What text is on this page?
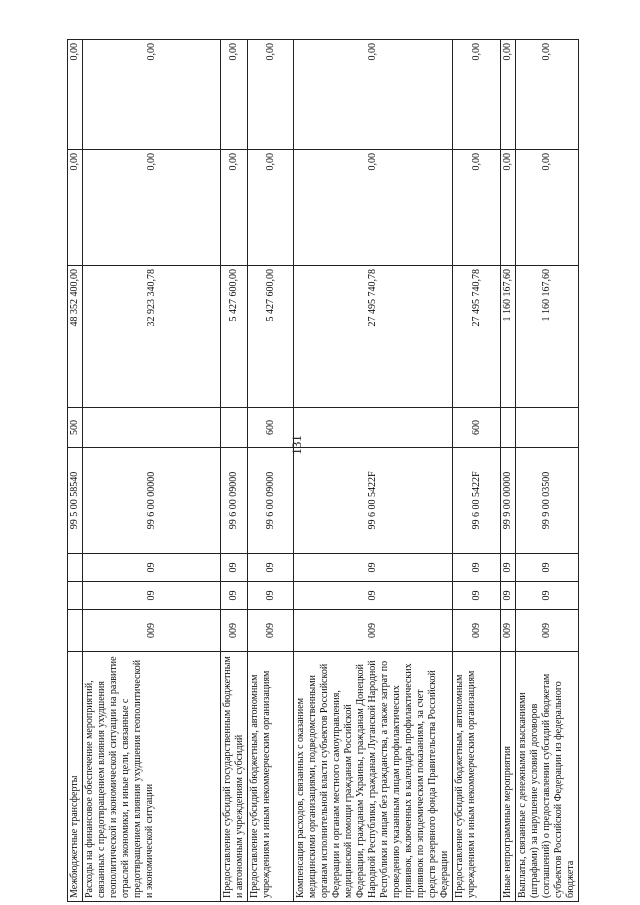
131
Межбюджетные трансферты				99 5 00 58540	500	48 352 400,00	0,00	0,00
Расходы на финансовое обеспечение мероприятий, связанных с предотвращением влияния ухудшения геополитической и экономической ситуации на развитие отраслей экономики, и иные цели, связанные с предотвращением влияния ухудшения геополитической и экономической ситуации	009	09	09	99 6 00 00000		32 923 340,78	0,00	0,00
Предоставление субсидий государственным бюджетным и автономным учреждениям субсидий	009	09	09	99 6 00 09000		5 427 600,00	0,00	0,00
Предоставление субсидий бюджетным, автономным учреждениям и иным некоммерческим организациям	009	09	09	99 6 00 09000	600	5 427 600,00	0,00	0,00
Компенсация расходов, связанных с оказанием медицинскими организациями, подведомственными органам исполнительной власти субъектов Российской Федерации и органам местного самоуправления, медицинской помощи гражданам Российской Федерации, гражданам Украины, гражданам Донецкой Народной Республики, гражданам Луганской Народной Республики и лицам без гражданства, а также затрат по проведению указанным лицам профилактических прививок, включенных в календарь профилактических прививок по эпидемическим показаниям, за счет средств резервного фонда Правительства Российской Федерации	009	09	09	99 6 00 5422F		27 495 740,78	0,00	0,00
Предоставление субсидий бюджетным, автономным учреждениям и иным некоммерческим организациям	009	09	09	99 6 00 5422F	600	27 495 740,78	0,00	0,00
Иные непрограммные мероприятия	009	09	09	99 9 00 00000		1 160 167,60	0,00	0,00
Выплаты, связанные с денежными взысканиями (штрафами) за нарушение условий договоров (соглашений) о предоставлении субсидий бюджетам субъектов Российской Федерации из федерального бюджета	009	09	09	99 9 00 03500		1 160 167,60	0,00	0,00
